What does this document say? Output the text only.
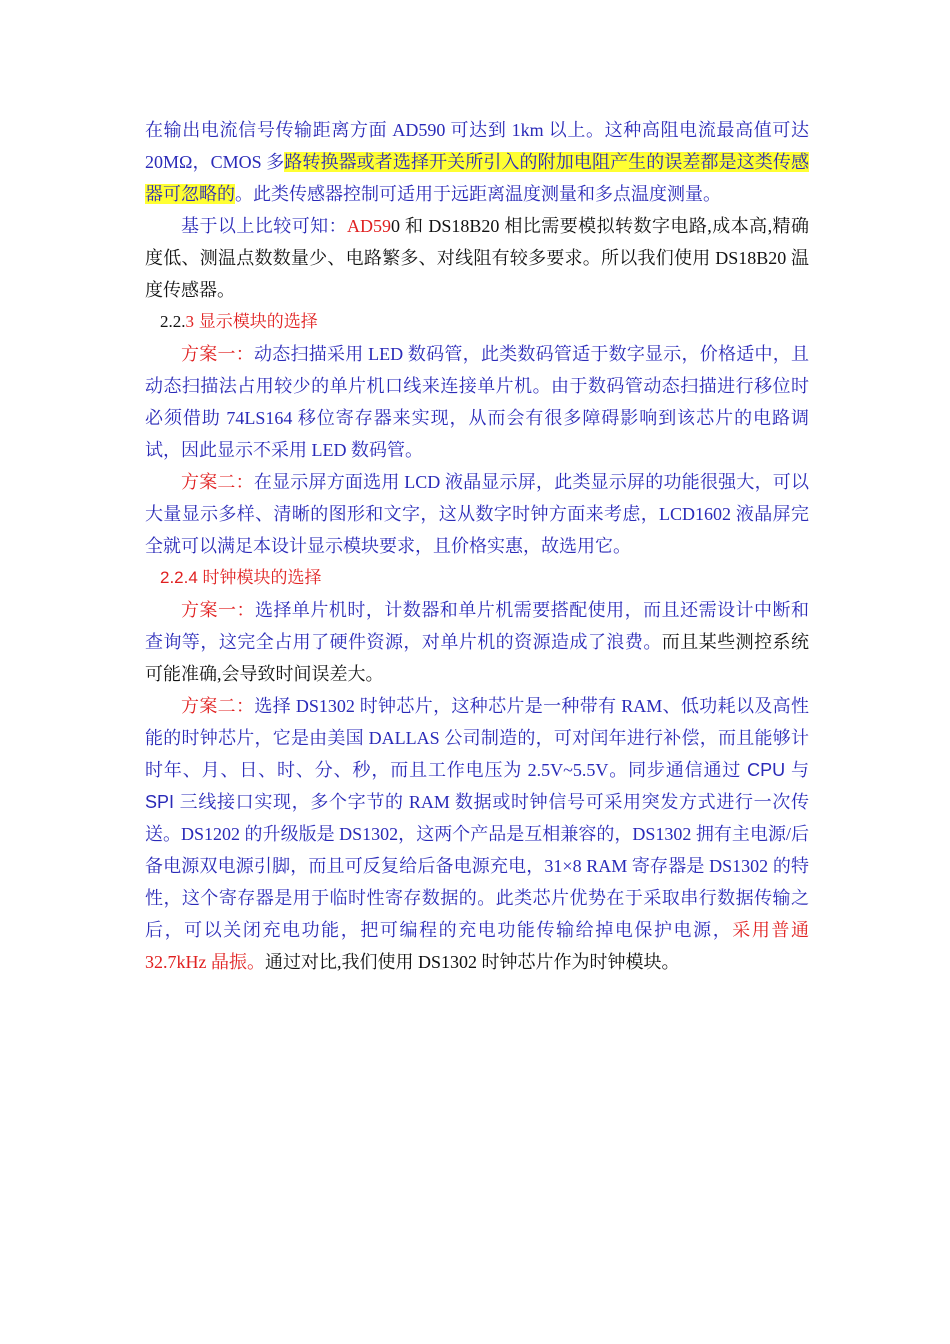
在输出电流信号传输距离方面 AD590 可达到 1km 以上。这种高阻电流最高值可达 20MΩ，CMOS 多路转换器或者选择开关所引入的附加电阻产生的误差都是这类传感器可忽略的。此类传感器控制可适用于远距离温度测量和多点温度测量。

基于以上比较可知：AD590 和 DS18B20 相比需要模拟转数字电路,成本高,精确度低、测温点数数量少、电路繁多、对线阻有较多要求。所以我们使用 DS18B20 温度传感器。

2.2.3 显示模块的选择

方案一：动态扫描采用 LED 数码管，此类数码管适于数字显示，价格适中，且动态扫描法占用较少的单片机口线来连接单片机。由于数码管动态扫描进行移位时必须借助 74LS164 移位寄存器来实现，从而会有很多障碍影响到该芯片的电路调试，因此显示不采用 LED 数码管。

方案二：在显示屏方面选用 LCD 液晶显示屏，此类显示屏的功能很强大，可以大量显示多样、清晰的图形和文字，这从数字时钟方面来考虑，LCD1602 液晶屏完全就可以满足本设计显示模块要求，且价格实惠，故选用它。

2.2.4 时钟模块的选择

方案一：选择单片机时，计数器和单片机需要搭配使用，而且还需设计中断和查询等，这完全占用了硬件资源，对单片机的资源造成了浪费。而且某些测控系统可能准确,会导致时间误差大。

方案二：选择 DS1302 时钟芯片，这种芯片是一种带有 RAM、低功耗以及高性能的时钟芯片，它是由美国 DALLAS 公司制造的，可对闰年进行补偿，而且能够计时年、月、日、时、分、秒，而且工作电压为 2.5V~5.5V。同步通信通过 CPU 与 SPI 三线接口实现，多个字节的 RAM 数据或时钟信号可采用突发方式进行一次传送。DS1202 的升级版是 DS1302，这两个产品是互相兼容的，DS1302 拥有主电源/后备电源双电源引脚，而且可反复给后备电源充电，31×8 RAM 寄存器是 DS1302 的特性，这个寄存器是用于临时性寄存数据的。此类芯片优势在于采取串行数据传输之后，可以关闭充电功能，把可编程的充电功能传输给掉电保护电源，采用普通 32.7kHz 晶振。通过对比,我们使用 DS1302 时钟芯片作为时钟模块。
